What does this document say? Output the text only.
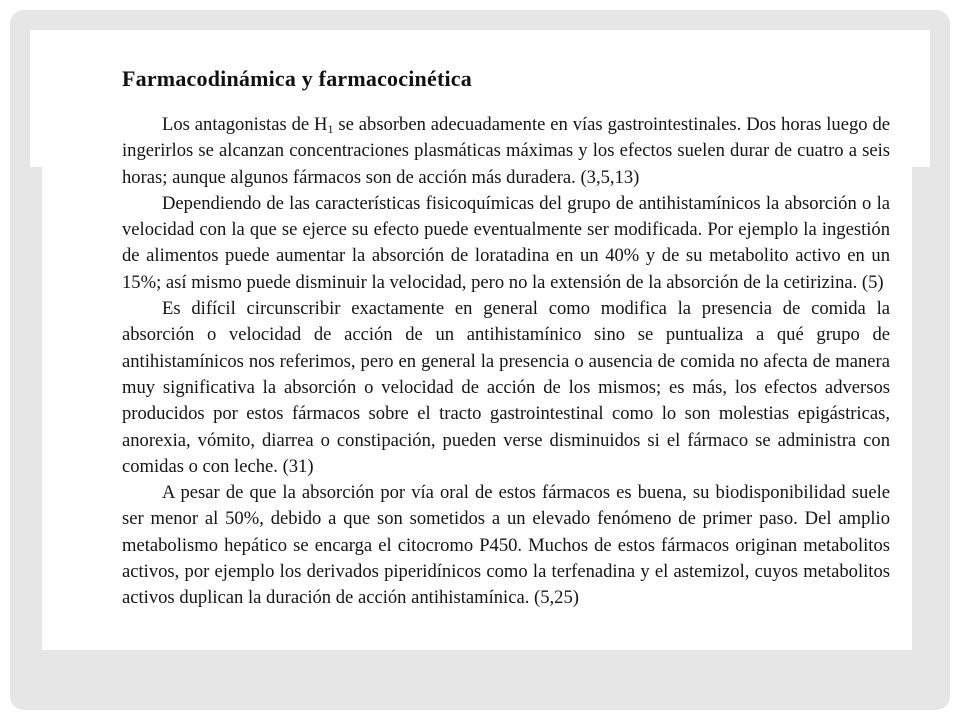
Farmacodinámica y farmacocinética

Los antagonistas de $H_1$ se absorben adecuadamente en vías gastrointestinales. Dos horas luego de ingerirlos se alcanzan concentraciones plasmáticas máximas y los efectos suelen durar de cuatro a seis horas; aunque algunos fármacos son de acción más duradera. (3,5,13)

Dependiendo de las características fisicoquímicas del grupo de antihistamínicos la absorción o la velocidad con la que se ejerce su efecto puede eventualmente ser modificada. Por ejemplo la ingestión de alimentos puede aumentar la absorción de loratadina en un 40% y de su metabolito activo en un 15%; así mismo puede disminuir la velocidad, pero no la extensión de la absorción de la cetirizina. (5)

Es difícil circunscribir exactamente en general como modifica la presencia de comida la absorción o velocidad de acción de un antihistamínico sino se puntualiza a qué grupo de antihistamínicos nos referimos, pero en general la presencia o ausencia de comida no afecta de manera muy significativa la absorción o velocidad de acción de los mismos; es más, los efectos adversos producidos por estos fármacos sobre el tracto gastrointestinal como lo son molestias epigástricas, anorexia, vómito, diarrea o constipación, pueden verse disminuidos si el fármaco se administra con comidas o con leche. (31)

A pesar de que la absorción por vía oral de estos fármacos es buena, su biodisponibilidad suele ser menor al 50%, debido a que son sometidos a un elevado fenómeno de primer paso. Del amplio metabolismo hepático se encarga el citocromo P450. Muchos de estos fármacos originan metabolitos activos, por ejemplo los derivados piperidínicos como la terfenadina y el astemizol, cuyos metabolitos activos duplican la duración de acción antihistamínica. (5,25)
